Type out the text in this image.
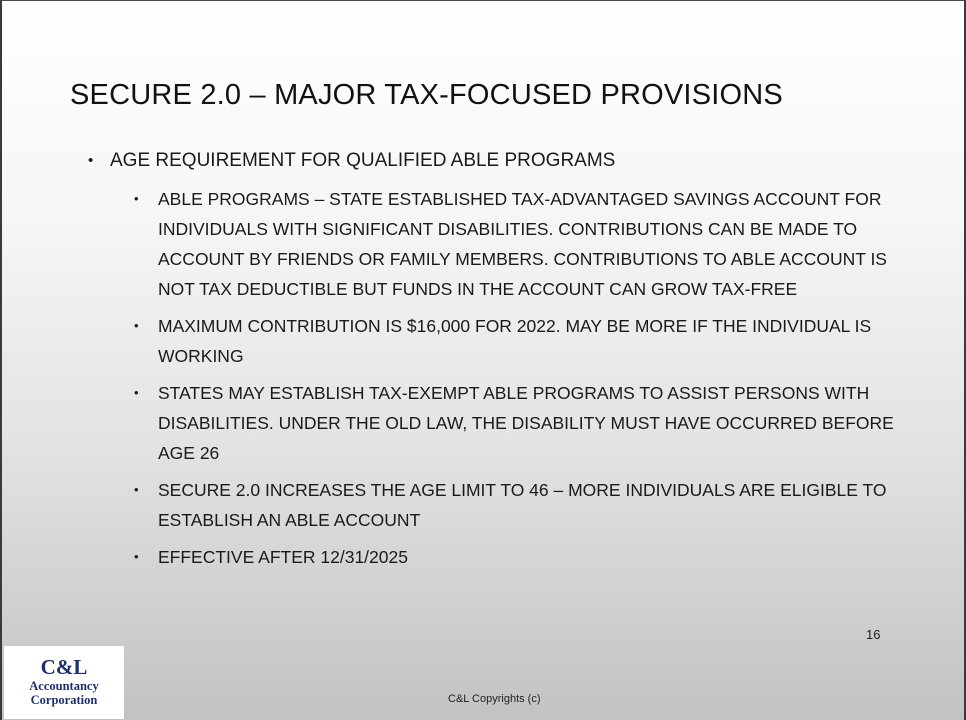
SECURE 2.0 – MAJOR TAX-FOCUSED PROVISIONS
• AGE REQUIREMENT FOR QUALIFIED ABLE PROGRAMS
•	ABLE PROGRAMS – STATE ESTABLISHED TAX-ADVANTAGED SAVINGS ACCOUNT FOR INDIVIDUALS WITH SIGNIFICANT DISABILITIES. CONTRIBUTIONS CAN BE MADE TO ACCOUNT BY FRIENDS OR FAMILY MEMBERS. CONTRIBUTIONS TO ABLE ACCOUNT IS NOT TAX DEDUCTIBLE BUT FUNDS IN THE ACCOUNT CAN GROW TAX-FREE
•	MAXIMUM CONTRIBUTION IS $16,000 FOR 2022. MAY BE MORE IF THE INDIVIDUAL IS WORKING
•	STATES MAY ESTABLISH TAX-EXEMPT ABLE PROGRAMS TO ASSIST PERSONS WITH DISABILITIES. UNDER THE OLD LAW, THE DISABILITY MUST HAVE OCCURRED BEFORE AGE 26
•	SECURE 2.0 INCREASES THE AGE LIMIT TO 46 – MORE INDIVIDUALS ARE ELIGIBLE TO ESTABLISH AN ABLE ACCOUNT
•	EFFECTIVE AFTER 12/31/2025
16
C&L Copyrights (c)
C&L
Accountancy
Corporation
